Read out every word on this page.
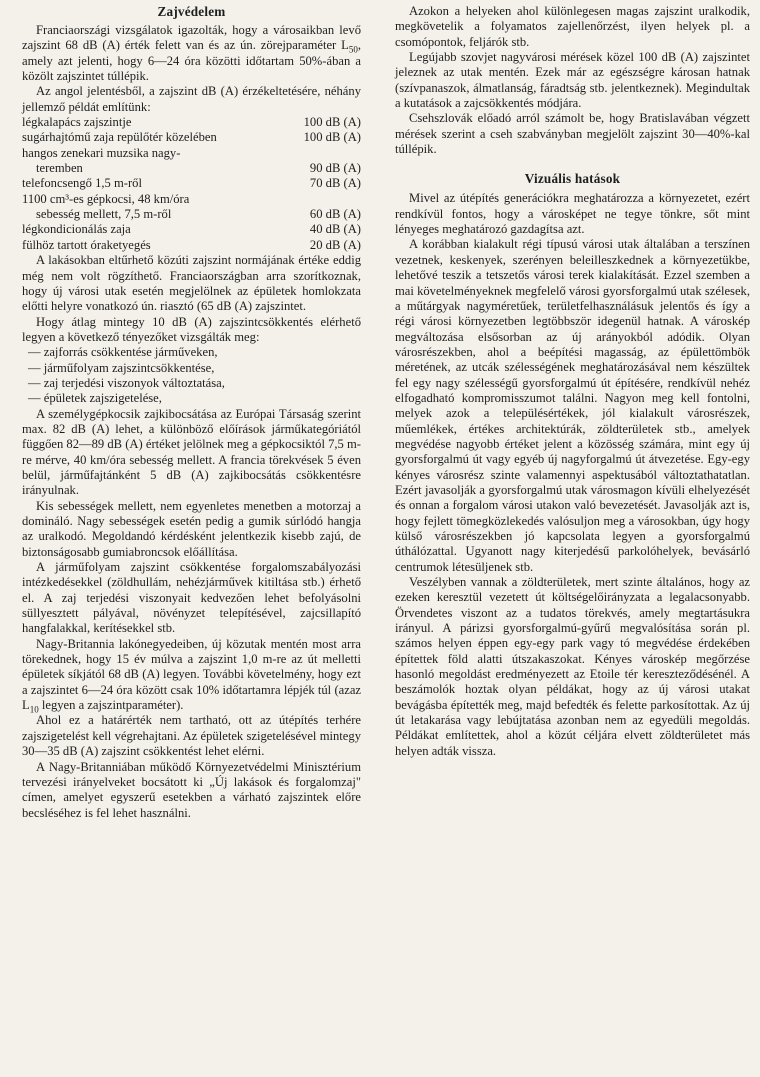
Zajvédelem

Franciaországi vizsgálatok igazolták, hogy a városaikban levő zajszint 68 dB (A) érték felett van és az ún. zörejparaméter $L_{50}$, amely azt jelenti, hogy 6—24 óra közötti időtartam 50%-ában a közölt zajszintet túllépik.

Az angol jelentésből, a zajszint dB (A) érzékeltetésére, néhány jellemző példát említünk:

légkalapács zajszintje	100 dB (A)
sugárhajtómű zaja repülőtér közelében	100 dB (A)
hangos zenekari muzsika nagy-
teremben	90 dB (A)
telefoncsengő 1,5 m-ről	70 dB (A)
1100 cm³-es gépkocsi, 48 km/óra
sebesség mellett, 7,5 m-ről	60 dB (A)
légkondicionálás zaja	40 dB (A)
fülhöz tartott óraketyegés	20 dB (A)

A lakásokban eltűrhető közúti zajszint normájának értéke eddig még nem volt rögzíthető. Franciaországban arra szorítkoznak, hogy új városi utak esetén megjelölnek az épületek homlokzata előtti helyre vonatkozó ún. riasztó (65 dB (A) zajszintet.

Hogy átlag mintegy 10 dB (A) zajszintcsökkentés elérhető legyen a következő tényezőket vizsgálták meg:

— zajforrás csökkentése járműveken,
— járműfolyam zajszintcsökkentése,
— zaj terjedési viszonyok változtatása,
— épületek zajszigetelése,

A személygépkocsik zajkibocsátása az Európai Társaság szerint max. 82 dB (A) lehet, a különböző előírások járműkategóriától függően 82—89 dB (A) értéket jelölnek meg a gépkocsiktól 7,5 m-re mérve, 40 km/óra sebesség mellett. A francia törekvések 5 éven belül, járműfajtánként 5 dB (A) zajkibocsátás csökkentésre irányulnak.

Kis sebességek mellett, nem egyenletes menetben a motorzaj a domináló. Nagy sebességek esetén pedig a gumik súrlódó hangja az uralkodó. Megoldandó kérdésként jelentkezik kisebb zajú, de biztonságosabb gumiabroncsok előállítása.

A járműfolyam zajszint csökkentése forgalomszabályozási intézkedésekkel (zöldhullám, nehézjárművek kitiltása stb.) érhető el. A zaj terjedési viszonyait kedvezően lehet befolyásolni süllyesztett pályával, növényzet telepítésével, zajcsillapító hangfalakkal, kerítésekkel stb.

Nagy-Britannia lakónegyedeiben, új közutak mentén most arra törekednek, hogy 15 év múlva a zajszint 1,0 m-re az út melletti épületek síkjától 68 dB (A) legyen. További követelmény, hogy ezt a zajszintet 6—24 óra között csak 10% időtartamra lépjék túl (azaz $L_{10}$ legyen a zajszintparaméter).

Ahol ez a határérték nem tartható, ott az útépítés terhére zajszigetelést kell végrehajtani. Az épületek szigetelésével mintegy 30—35 dB (A) zajszint csökkentést lehet elérni.

A Nagy-Britanniában működő Környezetvédelmi Minisztérium tervezési irányelveket bocsátott ki „Új lakások és forgalomzaj" címen, amelyet egyszerű esetekben a várható zajszintek előre becsléséhez is fel lehet használni.

Azokon a helyeken ahol különlegesen magas zajszint uralkodik, megkövetelik a folyamatos zajellenőrzést, ilyen helyek pl. a csomópontok, feljárók stb.

Legújabb szovjet nagyvárosi mérések közel 100 dB (A) zajszintet jeleznek az utak mentén. Ezek már az egészségre károsan hatnak (szívpanaszok, álmatlanság, fáradtság stb. jelentkeznek). Megindultak a kutatások a zajcsökkentés módjára.

Csehszlovák előadó arról számolt be, hogy Bratislavában végzett mérések szerint a cseh szabványban megjelölt zajszint 30—40%-kal túllépik.

Vizuális hatások

Mivel az útépítés generációkra meghatározza a környezetet, ezért rendkívül fontos, hogy a városképet ne tegye tönkre, sőt mint lényeges meghatározó gazdagítsa azt.

A korábban kialakult régi típusú városi utak általában a terszínen vezetnek, keskenyek, szerényen beleilleszkednek a környezetükbe, lehetővé teszik a tetszetős városi terek kialakítását. Ezzel szemben a mai követelményeknek megfelelő városi gyorsforgalmú utak szélesek, a műtárgyak nagyméretűek, területfelhasználásuk jelentős és így a régi városi környezetben legtöbbször idegenül hatnak. A városkép megváltozása elsősorban az új arányokból adódik. Olyan városrészekben, ahol a beépítési magasság, az épülettömbök méretének, az utcák szélességének meghatározásával nem készültek fel egy nagy szélességű gyorsforgalmú út építésére, rendkívül nehéz elfogadható kompromisszumot találni. Nagyon meg kell fontolni, melyek azok a településértékek, jól kialakult városrészek, műemlékek, értékes architektúrák, zöldterületek stb., amelyek megvédése nagyobb értéket jelent a közösség számára, mint egy új gyorsforgalmú út vagy egyéb új nagyforgalmú út átvezetése. Egy-egy kényes városrész szinte valamennyi aspektusából változtathatatlan. Ezért javasolják a gyorsforgalmú utak városmagon kívüli elhelyezését és onnan a forgalom városi utakon való bevezetését. Javasolják azt is, hogy fejlett tömegközlekedés valósuljon meg a városokban, úgy hogy külső városrészekben jó kapcsolata legyen a gyorsforgalmú úthálózattal. Ugyanott nagy kiterjedésű parkolóhelyek, bevásárló centrumok létesüljenek stb.

Veszélyben vannak a zöldterületek, mert szinte általános, hogy az ezeken keresztül vezetett út költségelőirányzata a legalacsonyabb. Örvendetes viszont az a tudatos törekvés, amely megtartásukra irányul. A párizsi gyorsforgalmú-gyűrű megvalósítása során pl. számos helyen éppen egy-egy park vagy tó megvédése érdekében építettek föld alatti útszakaszokat. Kényes városkép megőrzése hasonló megoldást eredményezett az Etoile tér kereszteződésénél. A beszámolók hoztak olyan példákat, hogy az új városi utakat bevágásba építették meg, majd befedték és felette parkosítottak. Az új út letakarása vagy lebújtatása azonban nem az egyedüli megoldás. Példákat említettek, ahol a közút céljára elvett zöldterületet más helyen adták vissza.
